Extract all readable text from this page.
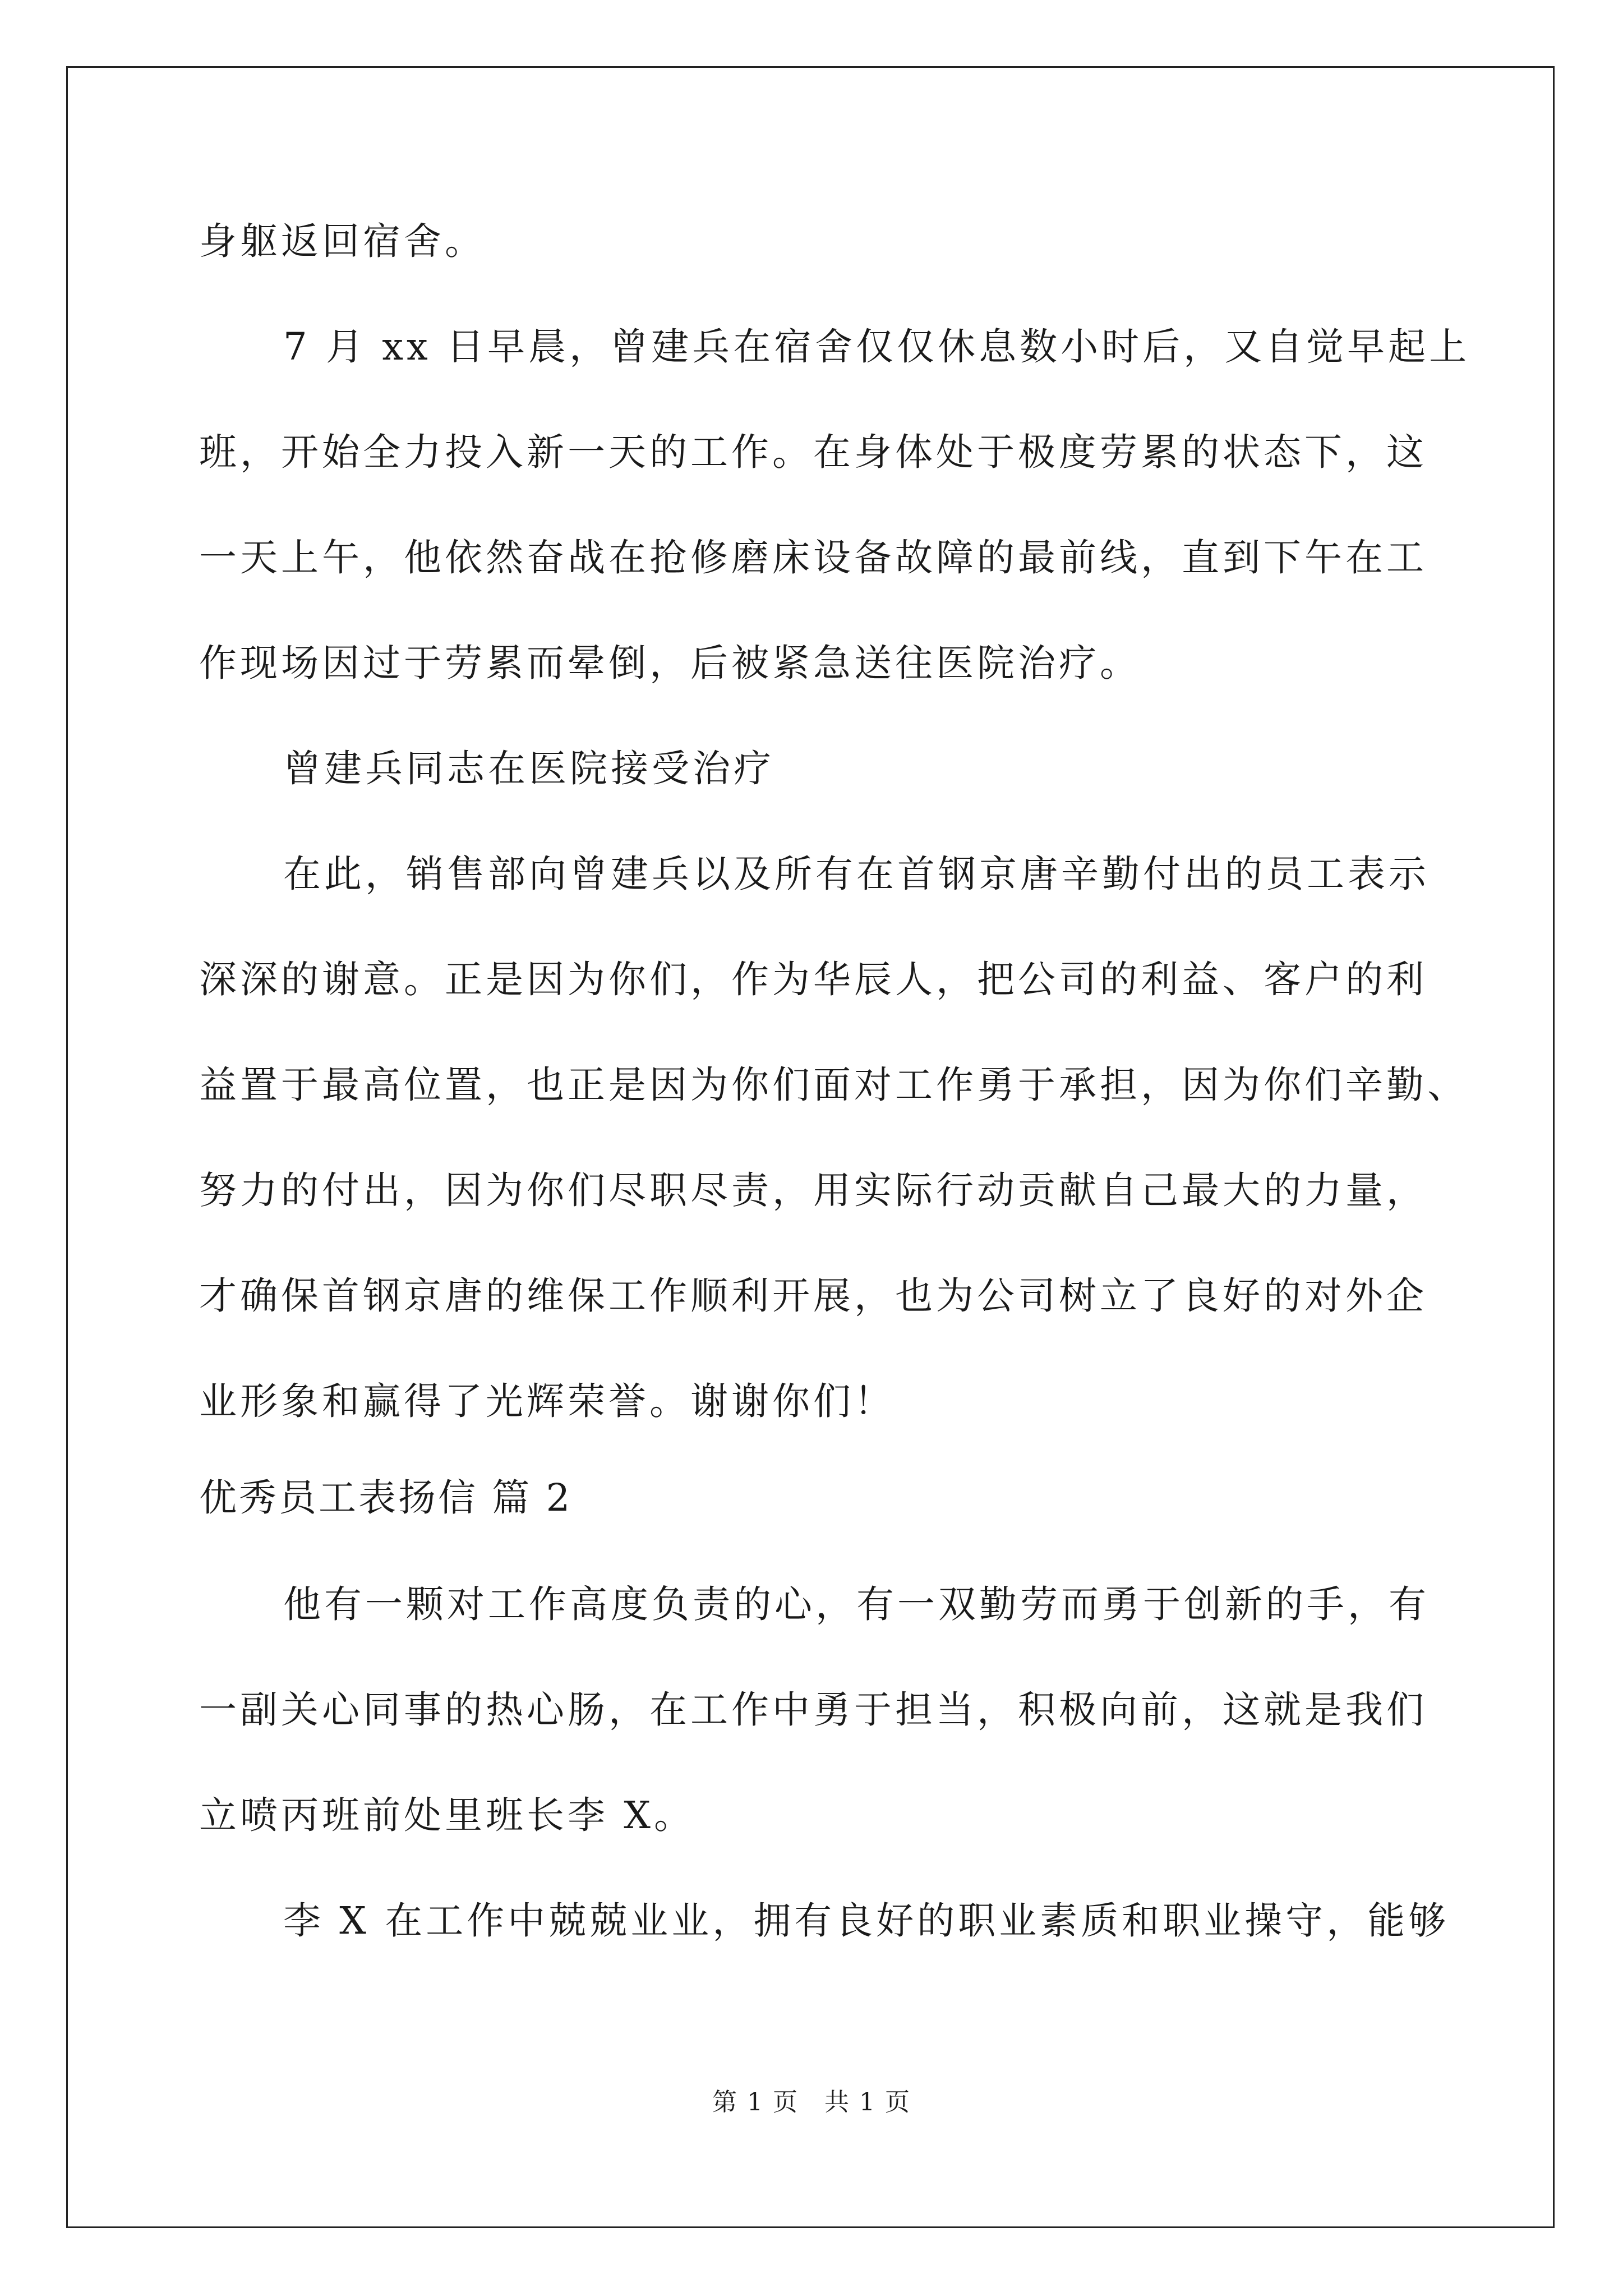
身躯返回宿舍。
7 月 xx 日早晨，曾建兵在宿舍仅仅休息数小时后，又自觉早起上
班，开始全力投入新一天的工作。在身体处于极度劳累的状态下，这
一天上午，他依然奋战在抢修磨床设备故障的最前线，直到下午在工
作现场因过于劳累而晕倒，后被紧急送往医院治疗。
曾建兵同志在医院接受治疗
在此，销售部向曾建兵以及所有在首钢京唐辛勤付出的员工表示
深深的谢意。正是因为你们，作为华辰人，把公司的利益、客户的利
益置于最高位置，也正是因为你们面对工作勇于承担，因为你们辛勤、
努力的付出，因为你们尽职尽责，用实际行动贡献自己最大的力量，
才确保首钢京唐的维保工作顺利开展，也为公司树立了良好的对外企
业形象和赢得了光辉荣誉。谢谢你们！
优秀员工表扬信 篇 2
他有一颗对工作高度负责的心，有一双勤劳而勇于创新的手，有
一副关心同事的热心肠，在工作中勇于担当，积极向前，这就是我们
立喷丙班前处里班长李 X。
李 X 在工作中兢兢业业，拥有良好的职业素质和职业操守，能够
第 1 页　共 1 页
